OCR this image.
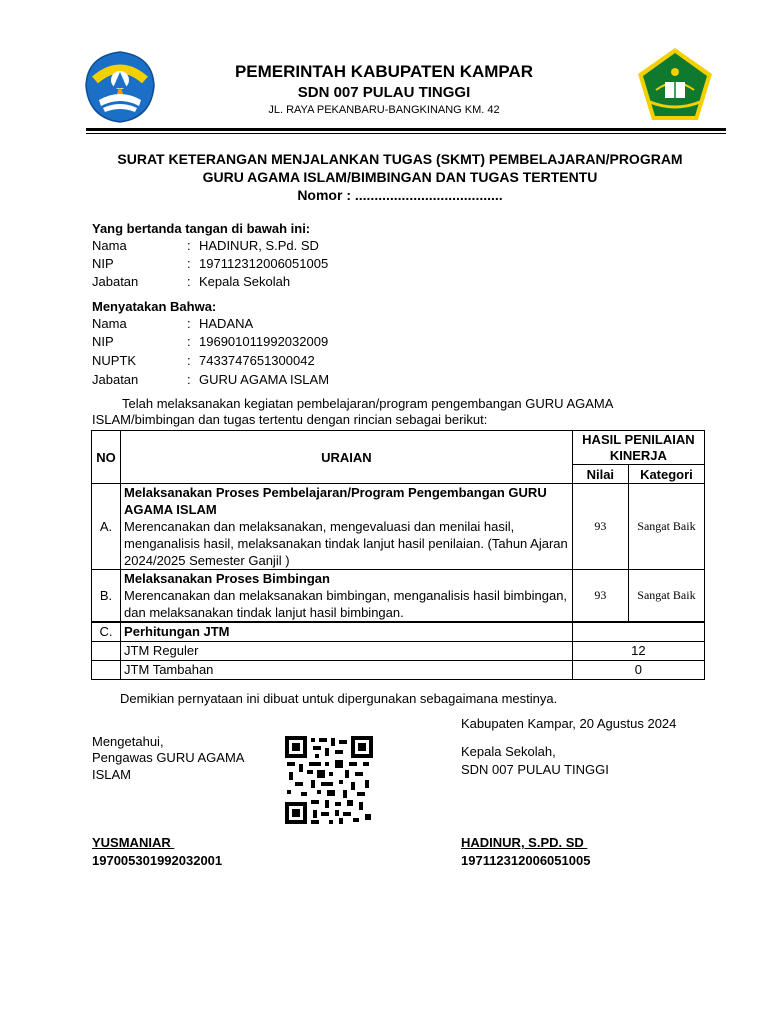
PEMERINTAH KABUPATEN KAMPAR
SDN 007 PULAU TINGGI
JL. RAYA PEKANBARU-BANGKINANG KM. 42
SURAT KETERANGAN MENJALANKAN TUGAS (SKMT) PEMBELAJARAN/PROGRAM
GURU AGAMA ISLAM/BIMBINGAN DAN TUGAS TERTENTU
Nomor : ......................................
Yang bertanda tangan di bawah ini:
Nama	: HADINUR, S.Pd. SD
NIP	: 197112312006051005
Jabatan	: Kepala Sekolah
Menyatakan Bahwa:
Nama	: HADANA
NIP	: 196901011992032009
NUPTK	: 7433747651300042
Jabatan	: GURU AGAMA ISLAM
Telah melaksanakan kegiatan pembelajaran/program pengembangan GURU AGAMA
ISLAM/bimbingan dan tugas tertentu dengan rincian sebagai berikut:
NO	URAIAN	HASIL PENILAIAN KINERJA	
		Nilai	Kategori
A.	Melaksanakan Proses Pembelajaran/Program Pengembangan GURU AGAMA ISLAM
Merencanakan dan melaksanakan, mengevaluasi dan menilai hasil, menganalisis hasil, melaksanakan tindak lanjut hasil penilaian. (Tahun Ajaran 2024/2025 Semester Ganjil )	93	Sangat Baik
B.	Melaksanakan Proses Bimbingan
Merencanakan dan melaksanakan bimbingan, menganalisis hasil bimbingan, dan melaksanakan tindak lanjut hasil bimbingan.	93	Sangat Baik
C.	Perhitungan JTM		
	JTM Reguler	12	
	JTM Tambahan	0	
Demikian pernyataan ini dibuat untuk dipergunakan sebagaimana mestinya.
Kabupaten Kampar, 20 Agustus 2024
Mengetahui,
Pengawas GURU AGAMA
ISLAM
YUSMANIAR
197005301992032001
Kepala Sekolah,
SDN 007 PULAU TINGGI
HADINUR, S.PD. SD
197112312006051005
